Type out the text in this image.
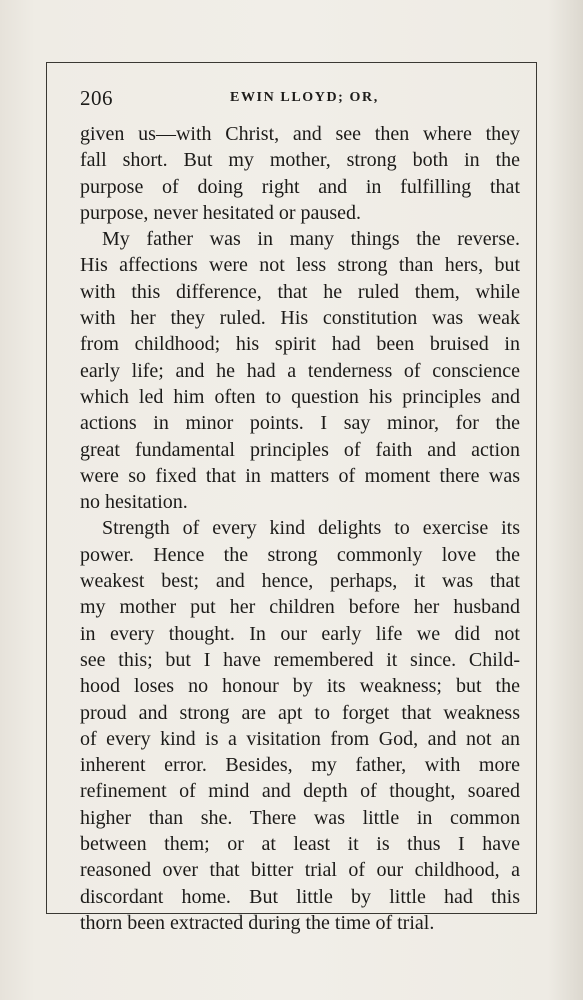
206	EWIN LLOYD; OR,
given us—with Christ, and see then where they
fall short. But my mother, strong both in the
purpose of doing right and in fulfilling that
purpose, never hesitated or paused.
My father was in many things the reverse.
His affections were not less strong than hers, but
with this difference, that he ruled them, while
with her they ruled. His constitution was weak
from childhood; his spirit had been bruised in
early life; and he had a tenderness of conscience
which led him often to question his principles and
actions in minor points. I say minor, for the
great fundamental principles of faith and action
were so fixed that in matters of moment there was
no hesitation.
Strength of every kind delights to exercise its
power. Hence the strong commonly love the
weakest best; and hence, perhaps, it was that
my mother put her children before her husband
in every thought. In our early life we did not
see this; but I have remembered it since. Child-
hood loses no honour by its weakness; but the
proud and strong are apt to forget that weakness
of every kind is a visitation from God, and not an
inherent error. Besides, my father, with more
refinement of mind and depth of thought, soared
higher than she. There was little in common
between them; or at least it is thus I have
reasoned over that bitter trial of our childhood, a
discordant home. But little by little had this
thorn been extracted during the time of trial.
